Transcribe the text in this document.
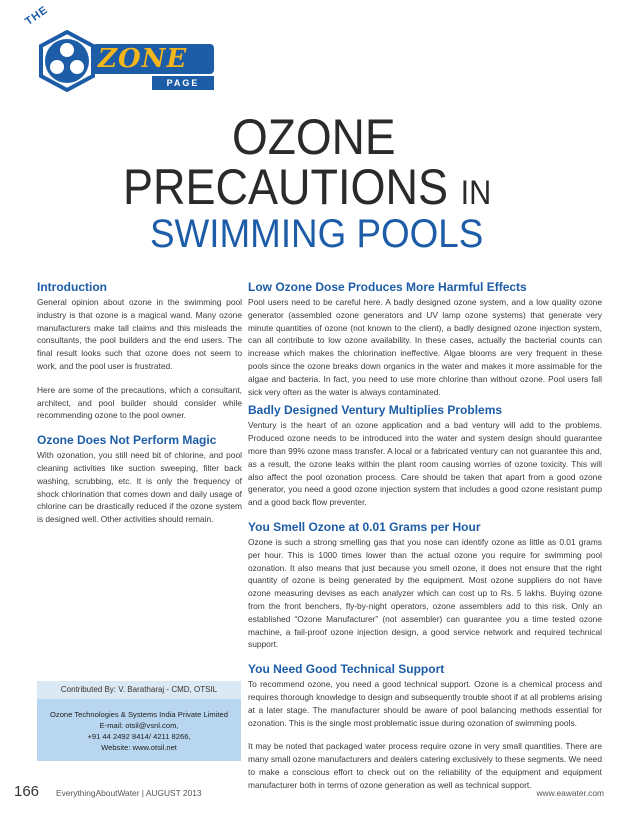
THE
ZONE
PAGE
OZONE
PRECAUTIONS IN
SWIMMING POOLS
Introduction

General opinion about ozone in the swimming pool industry is that ozone is a magical wand. Many ozone manufacturers make tall claims and this misleads the consultants, the pool builders and the end users. The final result looks such that ozone does not seem to work, and the pool user is frustrated.

Here are some of the precautions, which a consultant, architect, and pool builder should consider while recommending ozone to the pool owner.

Ozone Does Not Perform Magic

With ozonation, you still need bit of chlorine, and pool cleaning activities like suction sweeping, filter back washing, scrubbing, etc. It is only the frequency of shock chlorination that comes down and daily usage of chlorine can be drastically reduced if the ozone system is designed well. Other activities should remain.

Low Ozone Dose Produces More Harmful Effects

Pool users need to be careful here. A badly designed ozone system, and a low quality ozone generator (assembled ozone generators and UV lamp ozone systems) that generate very minute quantities of ozone (not known to the client), a badly designed ozone injection system, can all contribute to low ozone availability. In these cases, actually the bacterial counts can increase which makes the chlorination ineffective. Algae blooms are very frequent in these pools since the ozone breaks down organics in the water and makes it more assimable for the algae and bacteria. In fact, you need to use more chlorine than without ozone. Pool users fall sick very often as the water is always contaminated.

Badly Designed Ventury Multiplies Problems

Ventury is the heart of an ozone application and a bad ventury will add to the problems. Produced ozone needs to be introduced into the water and system design should guarantee more than 99% ozone mass transfer. A local or a fabricated ventury can not guarantee this and, as a result, the ozone leaks within the plant room causing worries of ozone toxicity. This will also affect the pool ozonation process. Care should be taken that apart from a good ozone generator, you need a good ozone injection system that includes a good ozone resistant pump and a good back flow preventer.

You Smell Ozone at 0.01 Grams per Hour

Ozone is such a strong smelling gas that you nose can identify ozone as little as 0.01 grams per hour. This is 1000 times lower than the actual ozone you require for swimming pool ozonation. It also means that just because you smell ozone, it does not ensure that the right quantity of ozone is being generated by the equipment. Most ozone suppliers do not have ozone measuring devises as each analyzer which can cost up to Rs. 5 lakhs. Buying ozone from the front benchers, fly-by-night operators, ozone assemblers add to this risk. Only an established “Ozone Manufacturer” (not assembler) can guarantee you a time tested ozone machine, a fail-proof ozone injection design, a good service network and required technical support.

You Need Good Technical Support

To recommend ozone, you need a good technical support. Ozone is a chemical process and requires thorough knowledge to design and subsequently trouble shoot if at all problems arising at a later stage. The manufacturer should be aware of pool balancing methods essential for ozonation. This is the single most problematic issue during ozonation of swimming pools.

It may be noted that packaged water process require ozone in very small quantities. There are many small ozone manufacturers and dealers catering exclusively to these segments. We need to make a conscious effort to check out on the reliability of the equipment and equipment manufacturer both in terms of ozone generation as well as technical support.

Contributed By: V. Baratharaj - CMD, OTSIL
Ozone Technologies & Systems India Private Limited
E-mail: otsil@vsnl.com,
+91 44 2492 8414/ 4211 8266,
Website: www.otsil.net
166 EverythingAboutWater | AUGUST 2013	www.eawater.com
